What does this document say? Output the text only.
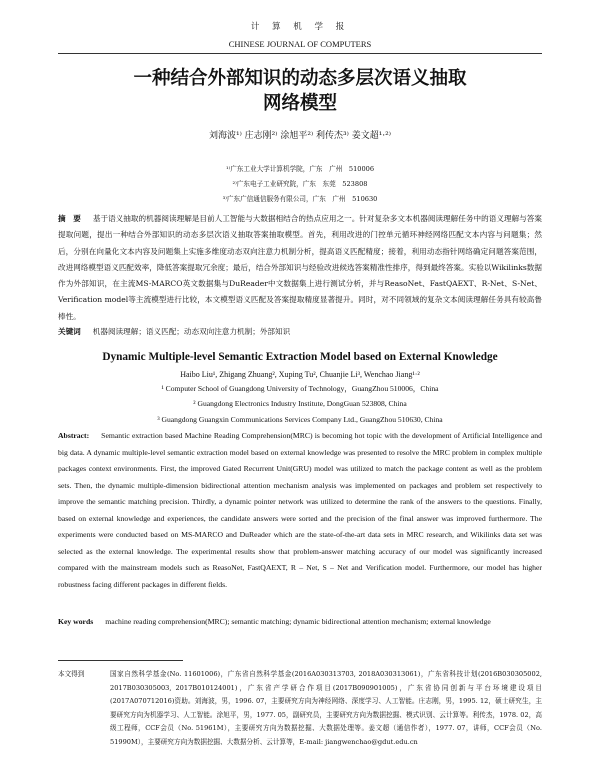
计 算 机 学 报
CHINESE JOURNAL OF COMPUTERS
一种结合外部知识的动态多层次语义抽取
网络模型
刘海波¹⁾ 庄志刚²⁾ 涂旭平²⁾ 利传杰³⁾ 姜文超¹·²⁾
¹⁾广东工业大学计算机学院，广东　广州　510006
²⁾广东电子工业研究院，广东　东莞　523808
³⁾广东广信通信服务有限公司，广东　广州　510630
摘　要 基于语义抽取的机器阅读理解是目前人工智能与大数据相结合的热点应用之一。针对复杂多文本机器阅读理解任务中的语义理解与答案提取问题，提出一种结合外部知识的动态多层次语义抽取答案抽取模型。首先，利用改进的门控单元循环神经网络匹配文本内容与问题集；然后，分别在向量化文本内容及问题集上实施多维度动态双向注意力机制分析，提高语义匹配精度；接着，利用动态指针网络确定问题答案范围，改进网络模型语义匹配效率，降低答案提取冗余度；最后，结合外部知识与经验改进候选答案精准性排序，得到最终答案。实验以Wikilinks数据作为外部知识，在主流MS-MARCO英文数据集与DuReader中文数据集上进行测试分析，并与ReasoNet、FastQAEXT、R-Net、S-Net、Verification model等主流模型进行比较，本文模型语义匹配及答案提取精度显著提升。同时，对不同领域的复杂文本阅读理解任务具有较高鲁棒性。
关键词 机器阅读理解；语义匹配；动态双向注意力机制；外部知识
Dynamic Multiple-level Semantic Extraction Model based on External Knowledge
Haibo Liu¹, Zhigang Zhuang², Xuping Tu², Chuanjie Li³, Wenchao Jiang¹·²
¹ Computer School of Guangdong University of Technology，GuangZhou 510006，China
² Guangdong Electronics Industry Institute, DongGuan 523808, China
³ Guangdong Guangxin Communications Services Company Ltd., GuangZhou 510630, China
Abstract: Semantic extraction based Machine Reading Comprehension(MRC) is becoming hot topic with the development of Artificial Intelligence and big data. A dynamic multiple-level semantic extraction model based on external knowledge was presented to resolve the MRC problem in complex multiple packages context environments. First, the improved Gated Recurrent Unit(GRU) model was utilized to match the package content as well as the problem sets. Then, the dynamic multiple-dimension bidirectional attention mechanism analysis was implemented on packages and problem set respectively to improve the semantic matching precision. Thirdly, a dynamic pointer network was utilized to determine the rank of the answers to the questions. Finally, based on external knowledge and experiences, the candidate answers were sorted and the precision of the final answer was improved furthermore. The experiments were conducted based on MS-MARCO and DuReader which are the state-of-the-art data sets in MRC research, and Wikilinks data set was selected as the external knowledge. The experimental results show that problem-answer matching accuracy of our model was significantly increased compared with the mainstream models such as ReasoNet, FastQAEXT, R – Net, S – Net and Verification model. Furthermore, our model has higher robustness facing different packages in different fields.
Key words machine reading comprehension(MRC); semantic matching; dynamic bidirectional attention mechanism; external knowledge
本文得到	国家自然科学基金(No. 11601006)，广东省自然科学基金(2016A030313703, 2018A030313061)，广东省科技计划(2016B030305002, 2017B030305003, 2017B010124001)，广东省产学研合作项目(2017B090901005)，广东省协同创新与平台环境建设项目(2017A070712016)资助。刘海波，男，1996. 07，主要研究方向为神经网络、深度学习、人工智能。庄志刚，男，1995. 12，硕士研究生，主要研究方向为机器学习、人工智能。涂旭平，男，1977. 05，副研究员，主要研究方向为数据挖掘、模式识别、云计算等。利传杰，1978. 02，高级工程师，CCF会员（No. 51961M），主要研究方向为数据挖掘、大数据处理等。姜文超（通信作者），1977. 07，讲师，CCF会员（No. 51990M），主要研究方向为数据挖掘、大数据分析、云计算等，E-mail: jiangwenchao@gdut.edu.cn
